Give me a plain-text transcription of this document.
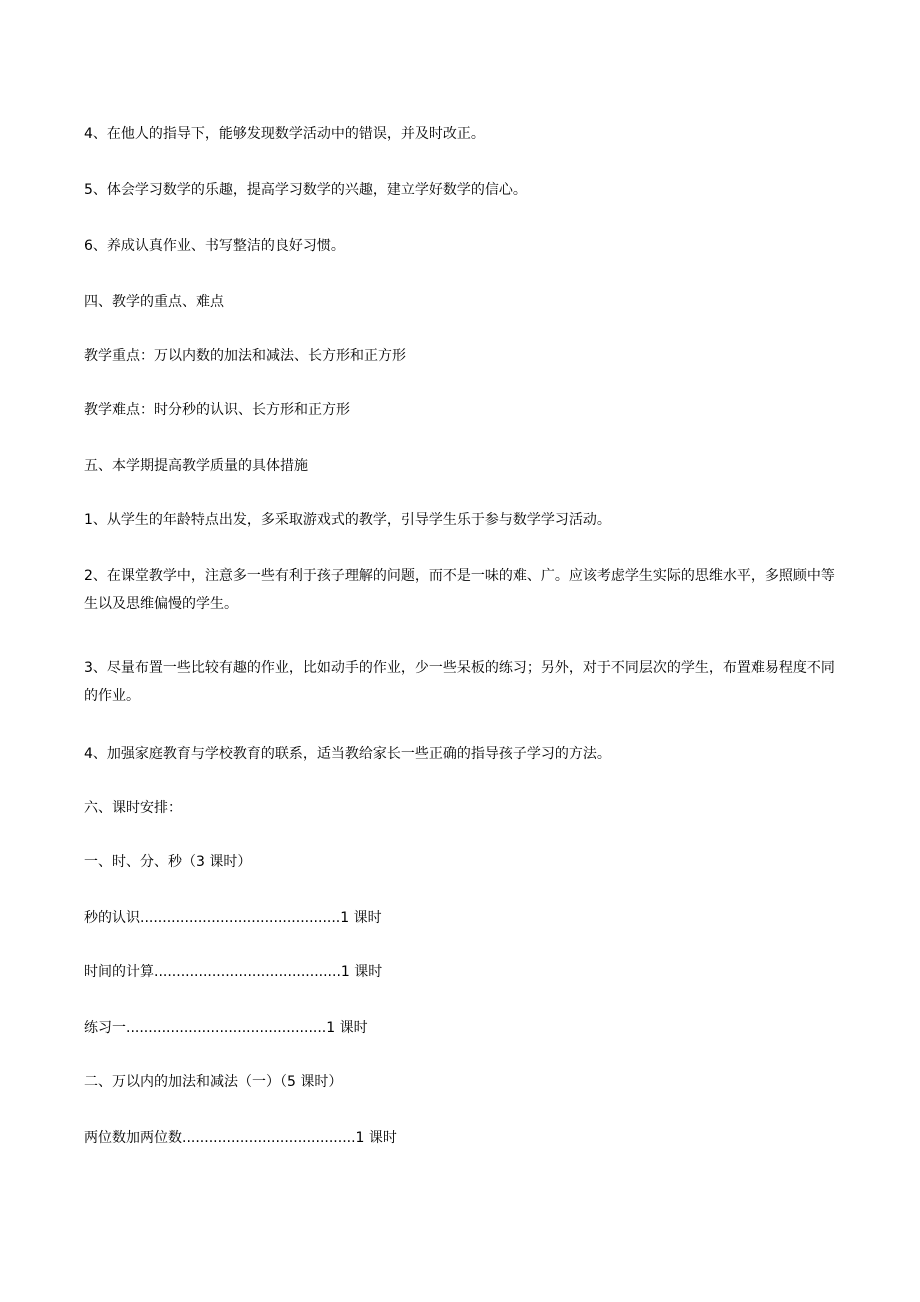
4、在他人的指导下，能够发现数学活动中的错误，并及时改正。
5、体会学习数学的乐趣，提高学习数学的兴趣，建立学好数学的信心。
6、养成认真作业、书写整洁的良好习惯。
四、教学的重点、难点
教学重点：万以内数的加法和减法、长方形和正方形
教学难点：时分秒的认识、长方形和正方形
五、本学期提高教学质量的具体措施
1、从学生的年龄特点出发，多采取游戏式的教学，引导学生乐于参与数学学习活动。
2、在课堂教学中，注意多一些有利于孩子理解的问题，而不是一味的难、广。应该考虑学生实际的思维水平，多照顾中等生以及思维偏慢的学生。
3、尽量布置一些比较有趣的作业，比如动手的作业，少一些呆板的练习；另外，对于不同层次的学生，布置难易程度不同的作业。
4、加强家庭教育与学校教育的联系，适当教给家长一些正确的指导孩子学习的方法。
六、课时安排：
一、时、分、秒（3 课时）
秒的认识.............................................1 课时
时间的计算..........................................1 课时
练习一.............................................1 课时
二、万以内的加法和减法（一）（5 课时）
两位数加两位数.......................................1 课时
